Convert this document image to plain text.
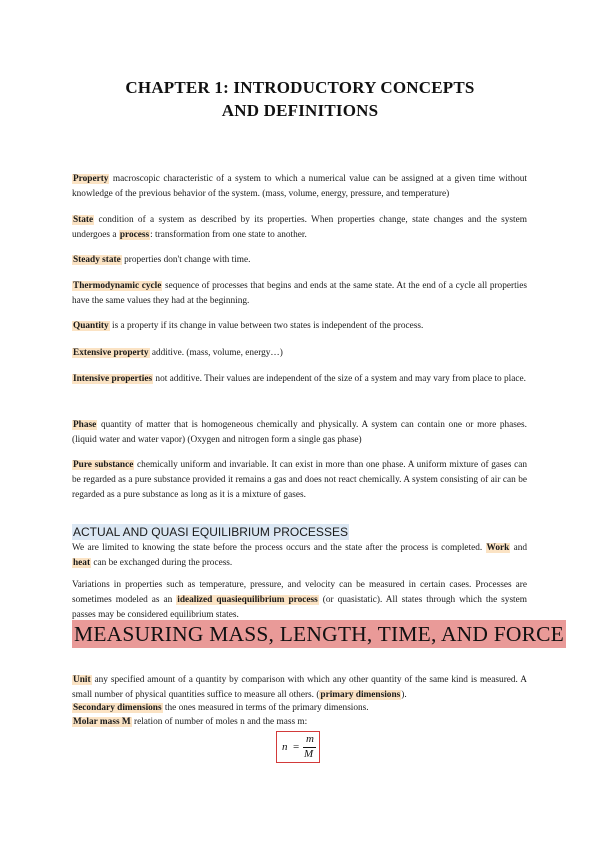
CHAPTER 1: INTRODUCTORY CONCEPTS
AND DEFINITIONS
Property macroscopic characteristic of a system to which a numerical value can be assigned at a given time without knowledge of the previous behavior of the system. (mass, volume, energy, pressure, and temperature)
State condition of a system as described by its properties. When properties change, state changes and the system undergoes a process: transformation from one state to another.
Steady state properties don't change with time.
Thermodynamic cycle sequence of processes that begins and ends at the same state. At the end of a cycle all properties have the same values they had at the beginning.
Quantity is a property if its change in value between two states is independent of the process.
Extensive property additive. (mass, volume, energy…)
Intensive properties not additive. Their values are independent of the size of a system and may vary from place to place.
Phase quantity of matter that is homogeneous chemically and physically. A system can contain one or more phases. (liquid water and water vapor) (Oxygen and nitrogen form a single gas phase)
Pure substance chemically uniform and invariable. It can exist in more than one phase. A uniform mixture of gases can be regarded as a pure substance provided it remains a gas and does not react chemically. A system consisting of air can be regarded as a pure substance as long as it is a mixture of gases.
ACTUAL AND QUASI EQUILIBRIUM PROCESSES
We are limited to knowing the state before the process occurs and the state after the process is completed. Work and heat can be exchanged during the process.
Variations in properties such as temperature, pressure, and velocity can be measured in certain cases. Processes are sometimes modeled as an idealized quasiequilibrium process (or quasistatic). All states through which the system passes may be considered equilibrium states.
MEASURING MASS, LENGTH, TIME, AND FORCE
Unit any specified amount of a quantity by comparison with which any other quantity of the same kind is measured. A small number of physical quantities suffice to measure all others. (primary dimensions).
Secondary dimensions the ones measured in terms of the primary dimensions.
Molar mass M relation of number of moles n and the mass m:
n =
m
M
